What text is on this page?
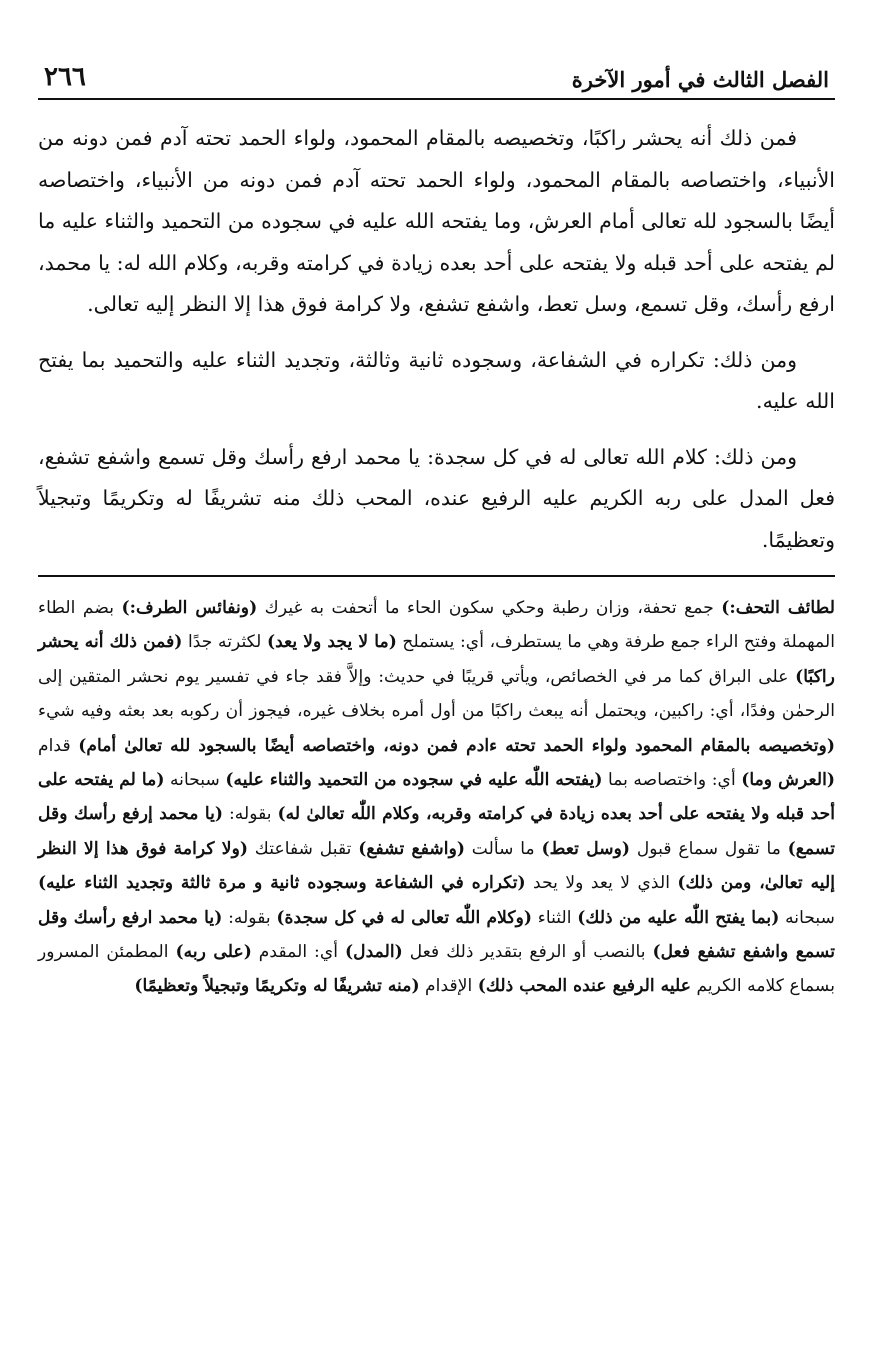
الفصل الثالث في أمور الآخرة
٢٦٦

فمن ذلك أنه يحشر راكبًا، وتخصيصه بالمقام المحمود، ولواء الحمد تحته آدم فمن دونه من الأنبياء، واختصاصه بالمقام المحمود، ولواء الحمد تحته آدم فمن دونه من الأنبياء، واختصاصه أيضًا بالسجود لله تعالى أمام العرش، وما يفتحه الله عليه في سجوده من التحميد والثناء عليه ما لم يفتحه على أحد قبله ولا يفتحه على أحد بعده زيادة في كرامته وقربه، وكلام الله له: يا محمد، ارفع رأسك، وقل تسمع، وسل تعط، واشفع تشفع، ولا كرامة فوق هذا إلا النظر إليه تعالى.

ومن ذلك: تكراره في الشفاعة، وسجوده ثانية وثالثة، وتجديد الثناء عليه والتحميد بما يفتح الله عليه.

ومن ذلك: كلام الله تعالى له في كل سجدة: يا محمد ارفع رأسك وقل تسمع واشفع تشفع، فعل المدل على ربه الكريم عليه الرفيع عنده، المحب ذلك منه تشريفًا له وتكريمًا وتبجيلاً وتعظيمًا.

لطائف التحف:) جمع تحفة، وزان رطبة وحكي سكون الحاء ما أتحفت به غيرك (ونفائس الطرف:) بضم الطاء المهملة وفتح الراء جمع طرفة وهي ما يستطرف، أي: يستملح (ما لا يجد ولا يعد) لكثرته جدًا (فمن ذلك أنه يحشر راكبًا) على البراق كما مر في الخصائص، ويأتي قريبًا في حديث: وإلاَّ فقد جاء في تفسير يوم نحشر المتقين إلى الرحمٰن وفدًا، أي: راكبين، ويحتمل أنه يبعث راكبًا من أول أمره بخلاف غيره، فيجوز أن ركوبه بعد بعثه وفيه شيء (وتخصيصه بالمقام المحمود ولواء الحمد تحته ءادم فمن دونه، واختصاصه أيضًا بالسجود لله تعالىٰ أمام) قدام (العرش وما) أي: واختصاصه بما (يفتحه اللّٰه عليه في سجوده من التحميد والثناء عليه) سبحانه (ما لم يفتحه على أحد قبله ولا يفتحه على أحد بعده زيادة في كرامته وقربه، وكلام اللّٰه تعالىٰ له) بقوله: (يا محمد إرفع رأسك وقل تسمع) ما تقول سماع قبول (وسل تعط) ما سألت (واشفع تشفع) تقبل شفاعتك (ولا كرامة فوق هذا إلا النظر إليه تعالىٰ، ومن ذلك) الذي لا يعد ولا يحد (تكراره في الشفاعة وسجوده ثانية و مرة ثالثة وتجديد الثناء عليه) سبحانه (بما يفتح اللّٰه عليه من ذلك) الثناء (وكلام اللّٰه تعالى له في كل سجدة) بقوله: (يا محمد ارفع رأسك وقل تسمع واشفع تشفع فعل) بالنصب أو الرفع بتقدير ذلك فعل (المدل) أي: المقدم (على ربه) المطمئن المسرور بسماع كلامه الكريم عليه الرفيع عنده المحب ذلك) الإقدام (منه تشريفًا له وتكريمًا وتبجيلاً وتعظيمًا)
